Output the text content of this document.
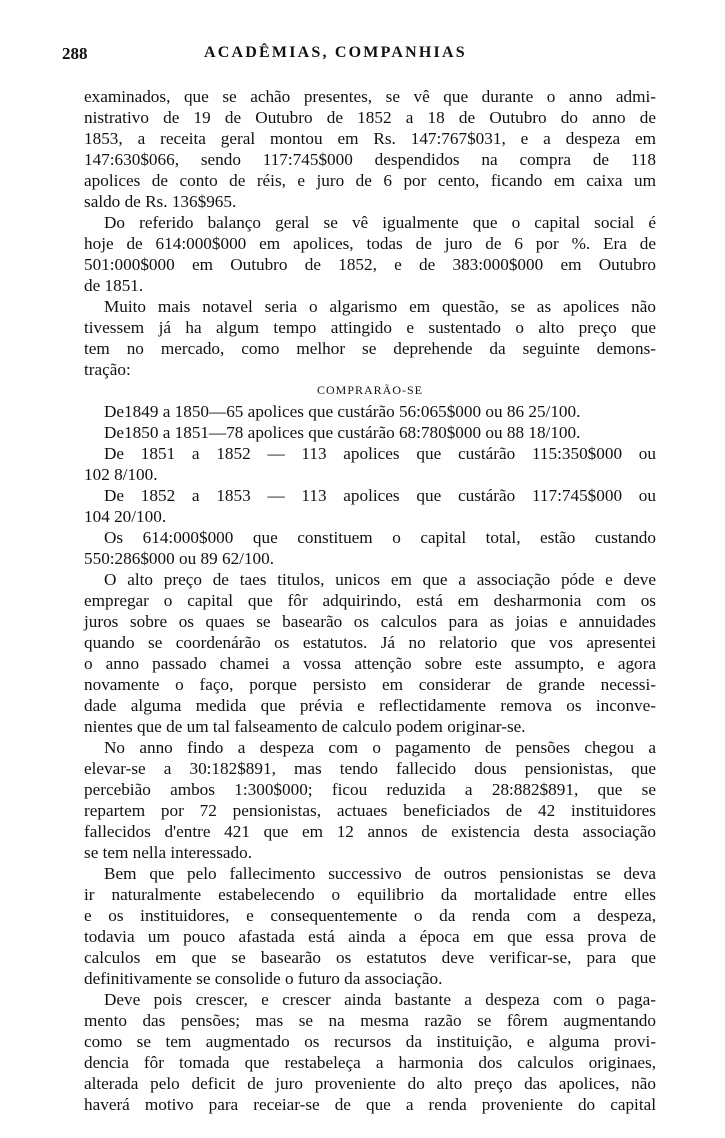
288	ACADÊMIAS, COMPANHIAS
examinados, que se achão presentes, se vê que durante o anno admi-
nistrativo de 19 de Outubro de 1852 a 18 de Outubro do anno de
1853, a receita geral montou em Rs. 147:767$031, e a despeza em
147:630$066, sendo 117:745$000 despendidos na compra de 118
apolices de conto de réis, e juro de 6 por cento, ficando em caixa um
saldo de Rs. 136$965.
Do referido balanço geral se vê igualmente que o capital social é
hoje de 614:000$000 em apolices, todas de juro de 6 por %. Era de
501:000$000 em Outubro de 1852, e de 383:000$000 em Outubro
de 1851.
Muito mais notavel seria o algarismo em questão, se as apolices não
tivessem já ha algum tempo attingido e sustentado o alto preço que
tem no mercado, como melhor se deprehende da seguinte demons-
tração:
COMPRARÃO-SE
De1849 a 1850—65 apolices que custárão 56:065$000 ou 86 25/100.
De1850 a 1851—78 apolices que custárão 68:780$000 ou 88 18/100.
De 1851 a 1852 — 113 apolices que custárão 115:350$000 ou
102 8/100.
De 1852 a 1853 — 113 apolices que custárão 117:745$000 ou
104 20/100.
Os 614:000$000 que constituem o capital total, estão custando
550:286$000 ou 89 62/100.
O alto preço de taes titulos, unicos em que a associação póde e deve
empregar o capital que fôr adquirindo, está em desharmonia com os
juros sobre os quaes se basearão os calculos para as joias e annuidades
quando se coordenárão os estatutos. Já no relatorio que vos apresentei
o anno passado chamei a vossa attenção sobre este assumpto, e agora
novamente o faço, porque persisto em considerar de grande necessi-
dade alguma medida que prévia e reflectidamente remova os inconve-
nientes que de um tal falseamento de calculo podem originar-se.
No anno findo a despeza com o pagamento de pensões chegou a
elevar-se a 30:182$891, mas tendo fallecido dous pensionistas, que
percebião ambos 1:300$000; ficou reduzida a 28:882$891, que se
repartem por 72 pensionistas, actuaes beneficiados de 42 instituidores
fallecidos d'entre 421 que em 12 annos de existencia desta associação
se tem nella interessado.
Bem que pelo fallecimento successivo de outros pensionistas se deva
ir naturalmente estabelecendo o equilibrio da mortalidade entre elles
e os instituidores, e consequentemente o da renda com a despeza,
todavia um pouco afastada está ainda a época em que essa prova de
calculos em que se basearão os estatutos deve verificar-se, para que
definitivamente se consolide o futuro da associação.
Deve pois crescer, e crescer ainda bastante a despeza com o paga-
mento das pensões; mas se na mesma razão se fôrem augmentando
como se tem augmentado os recursos da instituição, e alguma provi-
dencia fôr tomada que restabeleça a harmonia dos calculos originaes,
alterada pelo deficit de juro proveniente do alto preço das apolices, não
haverá motivo para receiar-se de que a renda proveniente do capital
